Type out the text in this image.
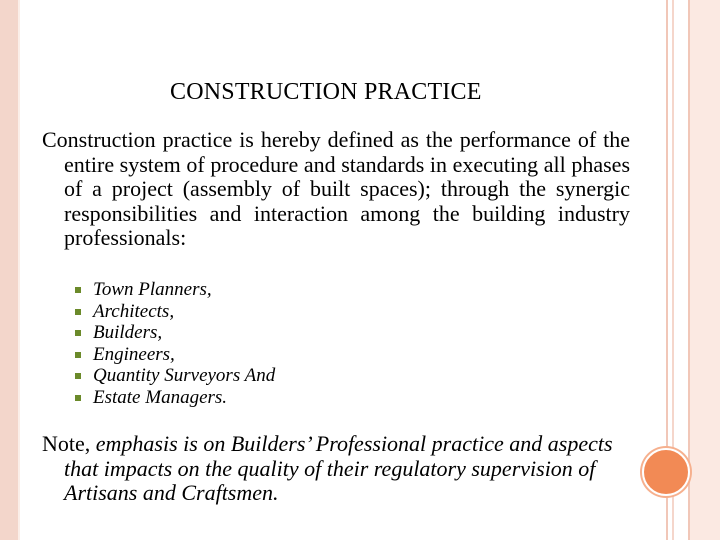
CONSTRUCTION PRACTICE

Construction practice is hereby defined as the performance of the entire system of procedure and standards in executing all phases of a project (assembly of built spaces); through the synergic responsibilities and interaction among the building industry professionals:

Town Planners,
Architects,
Builders,
Engineers,
Quantity Surveyors And
Estate Managers.

Note, emphasis is on Builders’ Professional practice and aspects that impacts on the quality of their regulatory supervision of Artisans and Craftsmen.
